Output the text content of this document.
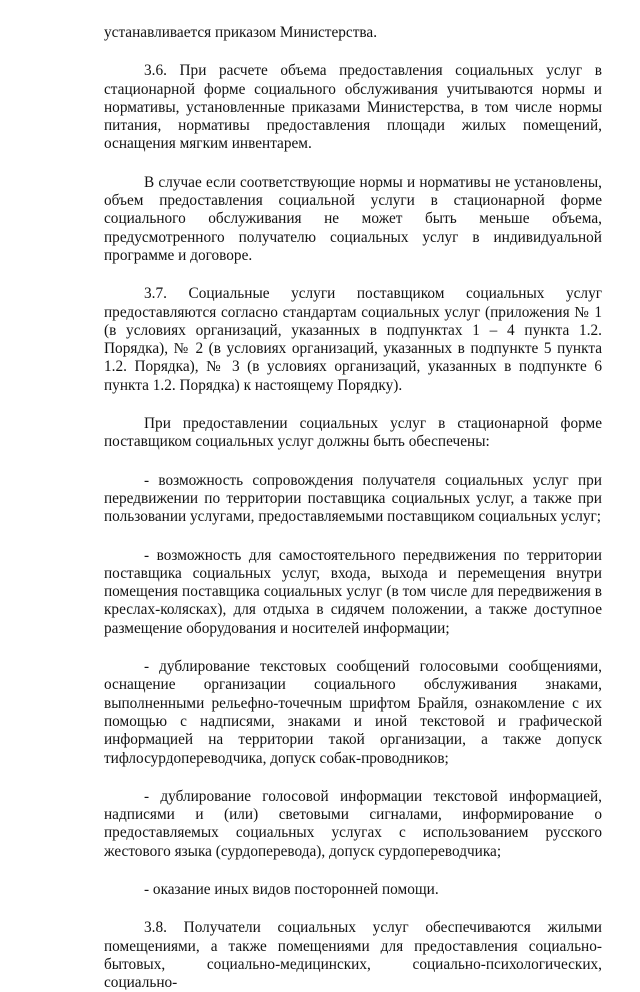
устанавливается приказом Министерства.

3.6. При расчете объема предоставления социальных услуг в стационарной форме социального обслуживания учитываются нормы и нормативы, установленные приказами Министерства, в том числе нормы питания, нормативы предоставления площади жилых помещений, оснащения мягким инвентарем.

В случае если соответствующие нормы и нормативы не установлены, объем предоставления социальной услуги в стационарной форме социального обслуживания не может быть меньше объема, предусмотренного получателю социальных услуг в индивидуальной программе и договоре.

3.7. Социальные услуги поставщиком социальных услуг предоставляются согласно стандартам социальных услуг (приложения № 1 (в условиях организаций, указанных в подпунктах 1 – 4 пункта 1.2. Порядка), № 2 (в условиях организаций, указанных в подпункте 5 пункта 1.2. Порядка), № 3 (в условиях организаций, указанных в подпункте 6 пункта 1.2. Порядка) к настоящему Порядку).

При предоставлении социальных услуг в стационарной форме поставщиком социальных услуг должны быть обеспечены:

- возможность сопровождения получателя социальных услуг при передвижении по территории поставщика социальных услуг, а также при пользовании услугами, предоставляемыми поставщиком социальных услуг;

- возможность для самостоятельного передвижения по территории поставщика социальных услуг, входа, выхода и перемещения внутри помещения поставщика социальных услуг (в том числе для передвижения в креслах-колясках), для отдыха в сидячем положении, а также доступное размещение оборудования и носителей информации;

- дублирование текстовых сообщений голосовыми сообщениями, оснащение организации социального обслуживания знаками, выполненными рельефно-точечным шрифтом Брайля, ознакомление с их помощью с надписями, знаками и иной текстовой и графической информацией на территории такой организации, а также допуск тифлосурдопереводчика, допуск собак-проводников;

- дублирование голосовой информации текстовой информацией, надписями и (или) световыми сигналами, информирование о предоставляемых социальных услугах с использованием русского жестового языка (сурдоперевода), допуск сурдопереводчика;

- оказание иных видов посторонней помощи.

3.8. Получатели социальных услуг обеспечиваются жилыми помещениями, а также помещениями для предоставления социально-бытовых, социально-медицинских, социально-психологических, социально-
